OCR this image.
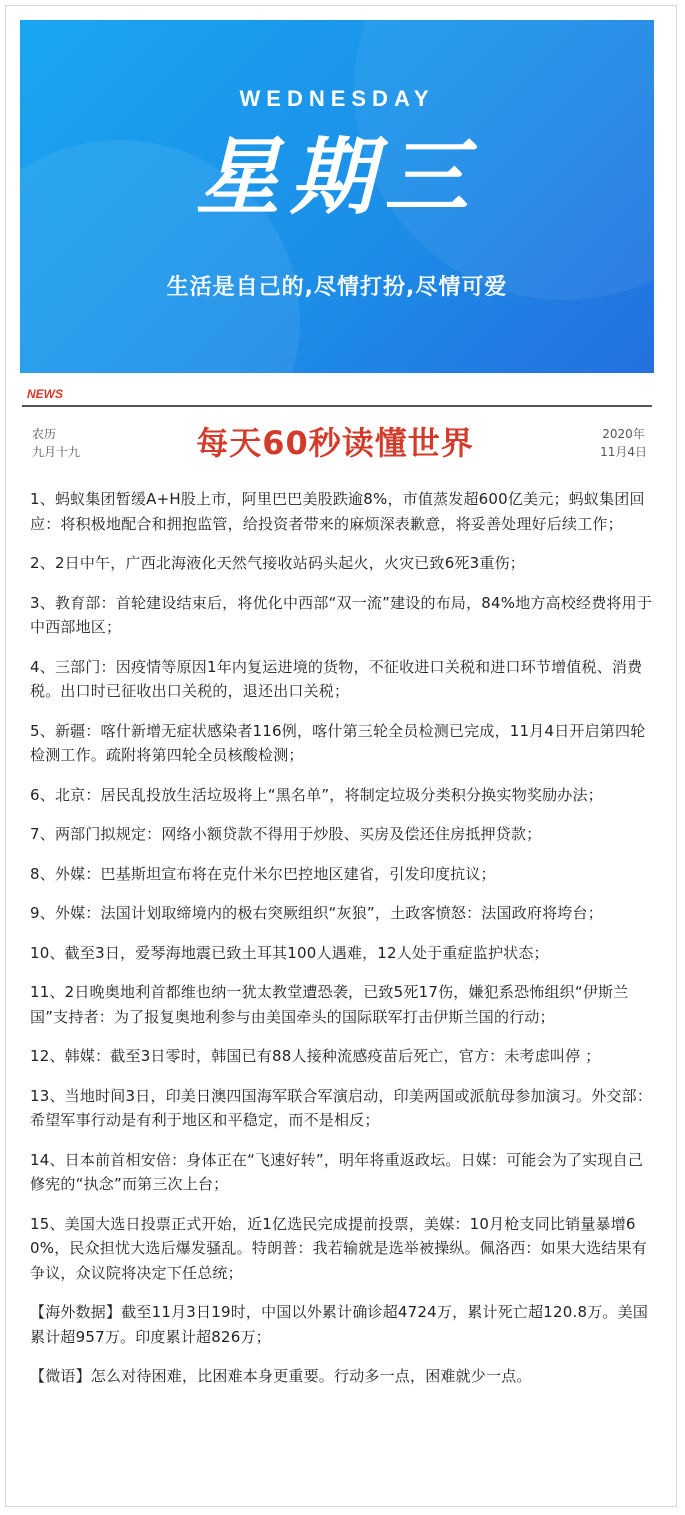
WEDNESDAY
星期三
生活是自己的,尽情打扮,尽情可爱
NEWS
农历
九月十九	每天60秒读懂世界	2020年
11月4日

1、蚂蚁集团暂缓A+H股上市，阿里巴巴美股跌逾8%，市值蒸发超600亿美元；蚂蚁集团回应：将积极地配合和拥抱监管，给投资者带来的麻烦深表歉意，将妥善处理好后续工作；

2、2日中午，广西北海液化天然气接收站码头起火，火灾已致6死3重伤；

3、教育部：首轮建设结束后，将优化中西部“双一流”建设的布局，84%地方高校经费将用于中西部地区；

4、三部门：因疫情等原因1年内复运进境的货物，不征收进口关税和进口环节增值税、消费税。出口时已征收出口关税的，退还出口关税；

5、新疆：喀什新增无症状感染者116例，喀什第三轮全员检测已完成，11月4日开启第四轮检测工作。疏附将第四轮全员核酸检测；

6、北京：居民乱投放生活垃圾将上“黑名单”，将制定垃圾分类积分换实物奖励办法；

7、两部门拟规定：网络小额贷款不得用于炒股、买房及偿还住房抵押贷款；

8、外媒：巴基斯坦宣布将在克什米尔巴控地区建省，引发印度抗议；

9、外媒：法国计划取缔境内的极右突厥组织“灰狼”，土政客愤怒：法国政府将垮台；

10、截至3日，爱琴海地震已致土耳其100人遇难，12人处于重症监护状态；

11、2日晚奥地利首都维也纳一犹太教堂遭恐袭，已致5死17伤，嫌犯系恐怖组织“伊斯兰国”支持者：为了报复奥地利参与由美国牵头的国际联军打击伊斯兰国的行动；

12、韩媒：截至3日零时，韩国已有88人接种流感疫苗后死亡，官方：未考虑叫停 ；

13、当地时间3日，印美日澳四国海军联合军演启动，印美两国或派航母参加演习。外交部：希望军事行动是有利于地区和平稳定，而不是相反；

14、日本前首相安倍：身体正在“飞速好转”，明年将重返政坛。日媒：可能会为了实现自己修宪的“执念”而第三次上台；

15、美国大选日投票正式开始，近1亿选民完成提前投票，美媒：10月枪支同比销量暴增60%，民众担忧大选后爆发骚乱。特朗普：我若输就是选举被操纵。佩洛西：如果大选结果有争议，众议院将决定下任总统；

【海外数据】截至11月3日19时，中国以外累计确诊超4724万，累计死亡超120.8万。美国累计超957万。印度累计超826万；

【微语】怎么对待困难，比困难本身更重要。行动多一点，困难就少一点。
